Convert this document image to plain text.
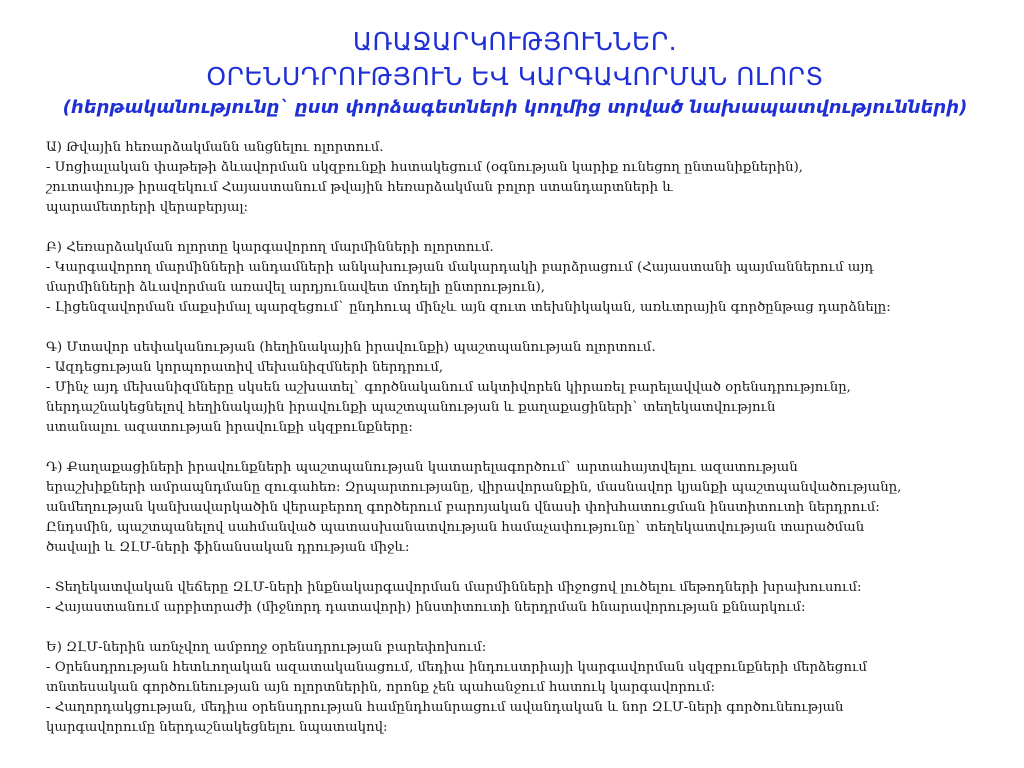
ԱՌԱՋԱՐԿՈՒԹՅՈՒՆՆԵՐ.
ՕՐԵՆՍԴՐՈՒԹՅՈՒՆ ԵՎ ԿԱՐԳԱՎՈՐՄԱՆ ՈԼՈՐՏ
(հերթականությունը` ըստ փորձագետների կողմից տրված նախապատվությունների)

Ա) Թվային հեռարձակմանն անցնելու ոլորտում.

- Սոցիալական փաթեթի ձևավորման սկզբունքի հստակեցում (օգնության կարիք ունեցող ընտանիքներին),

շուտափույթ իրազեկում Հայաստանում թվային հեռարձակման բոլոր ստանդարտների և

պարամետրերի վերաբերյալ:

Բ) Հեռարձակման ոլորտը կարգավորող մարմինների ոլորտում.

- Կարգավորող մարմինների անդամների անկախության մակարդակի բարձրացում (Հայաստանի պայմաններում այդ

մարմինների ձևավորման առավել արդյունավետ մոդելի ընտրություն),

- Լիցենզավորման մաքսիմալ պարզեցում` ընդհուպ մինչև այն զուտ տեխնիկական, առևտրային գործընթաց դարձնելը:

Գ) Մտավոր սեփականության (հեղինակային իրավունքի) պաշտպանության ոլորտում.

- Ազդեցության կորպորատիվ մեխանիզմների ներդրում,

- Մինչ այդ մեխանիզմները սկսեն աշխատել` գործնականում ակտիվորեն կիրառել բարելավված օրենսդրությունը,

ներդաշնակեցնելով հեղինակային իրավունքի պաշտպանության և քաղաքացիների` տեղեկատվություն

ստանալու ազատության իրավունքի սկզբունքները:

Դ) Քաղաքացիների իրավունքների պաշտպանության կատարելագործում` արտահայտվելու ազատության

երաշխիքների ամրապնդմանը զուգահեռ: Զրպարտությանը, վիրավորանքին, մասնավոր կյանքի պաշտպանվածությանը,

անմեղության կանխավարկածին վերաբերող գործերում բարոյական վնասի փոխհատուցման ինստիտուտի ներդրում:

Ընդսմին, պաշտպանելով սահմանված պատասխանատվության համաչափությունը` տեղեկատվության տարածման

ծավալի և ԶԼՄ-ների ֆինանսական դրության միջև:

- Տեղեկատվական վեճերը ԶԼՄ-ների ինքնակարգավորման մարմինների միջոցով լուծելու մեթոդների խրախուսում:

- Հայաստանում արբիտրաժի (միջնորդ դատավորի) ինստիտուտի ներդրման հնարավորության քննարկում:

Ե) ԶԼՄ-ներին առնչվող ամբողջ օրենսդրության բարեփոխում:

- Օրենսդրության հետևողական ազատականացում, մեդիա ինդուստրիայի կարգավորման սկզբունքների մերձեցում

տնտեսական գործունեության այն ոլորտներին, որոնք չեն պահանջում հատուկ կարգավորում:

- Հաղորդակցության, մեդիա օրենսդրության համընդհանրացում ավանդական և նոր ԶԼՄ-ների գործունեության

կարգավորումը ներդաշնակեցնելու նպատակով:
